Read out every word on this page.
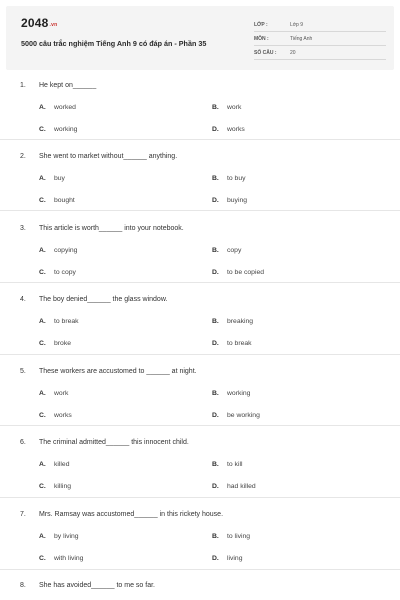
2048.vn
5000 câu trắc nghiệm Tiếng Anh 9 có đáp án - Phần 35
LỚP :	Lớp 9
MÔN :	Tiếng Anh
SỐ CÂU :	20
1. He kept on______
A. worked	B. work
C. working	D. works
2. She went to market without______ anything.
A. buy	B. to buy
C. bought	D. buying
3. This article is worth______ into your notebook.
A. copying	B. copy
C. to copy	D. to be copied
4. The boy denied______ the glass window.
A. to break	B. breaking
C. broke	D. to break
5. These workers are accustomed to ______ at night.
A. work	B. working
C. works	D. be working
6. The criminal admitted______ this innocent child.
A. killed	B. to kill
C. killing	D. had killed
7. Mrs. Ramsay was accustomed______ in this rickety house.
A. by living	B. to living
C. with living	D. living
8. She has avoided______ to me so far.
